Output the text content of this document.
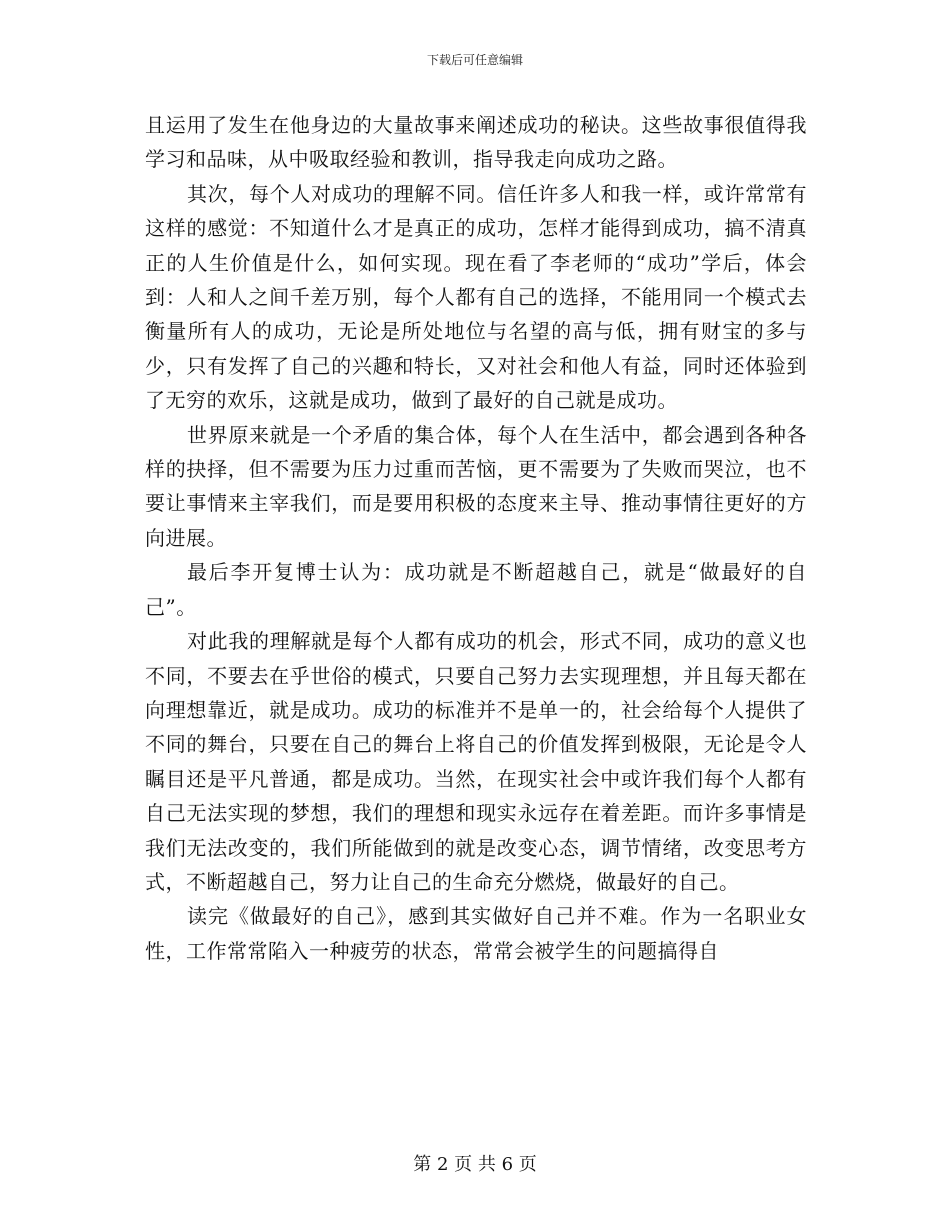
下载后可任意编辑

且运用了发生在他身边的大量故事来阐述成功的秘诀。这些故事很值得我学习和品味，从中吸取经验和教训，指导我走向成功之路。

其次，每个人对成功的理解不同。信任许多人和我一样，或许常常有这样的感觉：不知道什么才是真正的成功，怎样才能得到成功，搞不清真正的人生价值是什么，如何实现。现在看了李老师的“成功”学后，体会到：人和人之间千差万别，每个人都有自己的选择，不能用同一个模式去衡量所有人的成功，无论是所处地位与名望的高与低，拥有财宝的多与少，只有发挥了自己的兴趣和特长，又对社会和他人有益，同时还体验到了无穷的欢乐，这就是成功，做到了最好的自己就是成功。

世界原来就是一个矛盾的集合体，每个人在生活中，都会遇到各种各样的抉择，但不需要为压力过重而苦恼，更不需要为了失败而哭泣，也不要让事情来主宰我们，而是要用积极的态度来主导、推动事情往更好的方向进展。

最后李开复博士认为：成功就是不断超越自己，就是“做最好的自己”。

对此我的理解就是每个人都有成功的机会，形式不同，成功的意义也不同，不要去在乎世俗的模式，只要自己努力去实现理想，并且每天都在向理想靠近，就是成功。成功的标准并不是单一的，社会给每个人提供了不同的舞台，只要在自己的舞台上将自己的价值发挥到极限，无论是令人瞩目还是平凡普通，都是成功。当然，在现实社会中或许我们每个人都有自己无法实现的梦想，我们的理想和现实永远存在着差距。而许多事情是我们无法改变的，我们所能做到的就是改变心态，调节情绪，改变思考方式，不断超越自己，努力让自己的生命充分燃烧，做最好的自己。

读完《做最好的自己》，感到其实做好自己并不难。作为一名职业女性，工作常常陷入一种疲劳的状态，常常会被学生的问题搞得自

第 2 页 共 6 页
